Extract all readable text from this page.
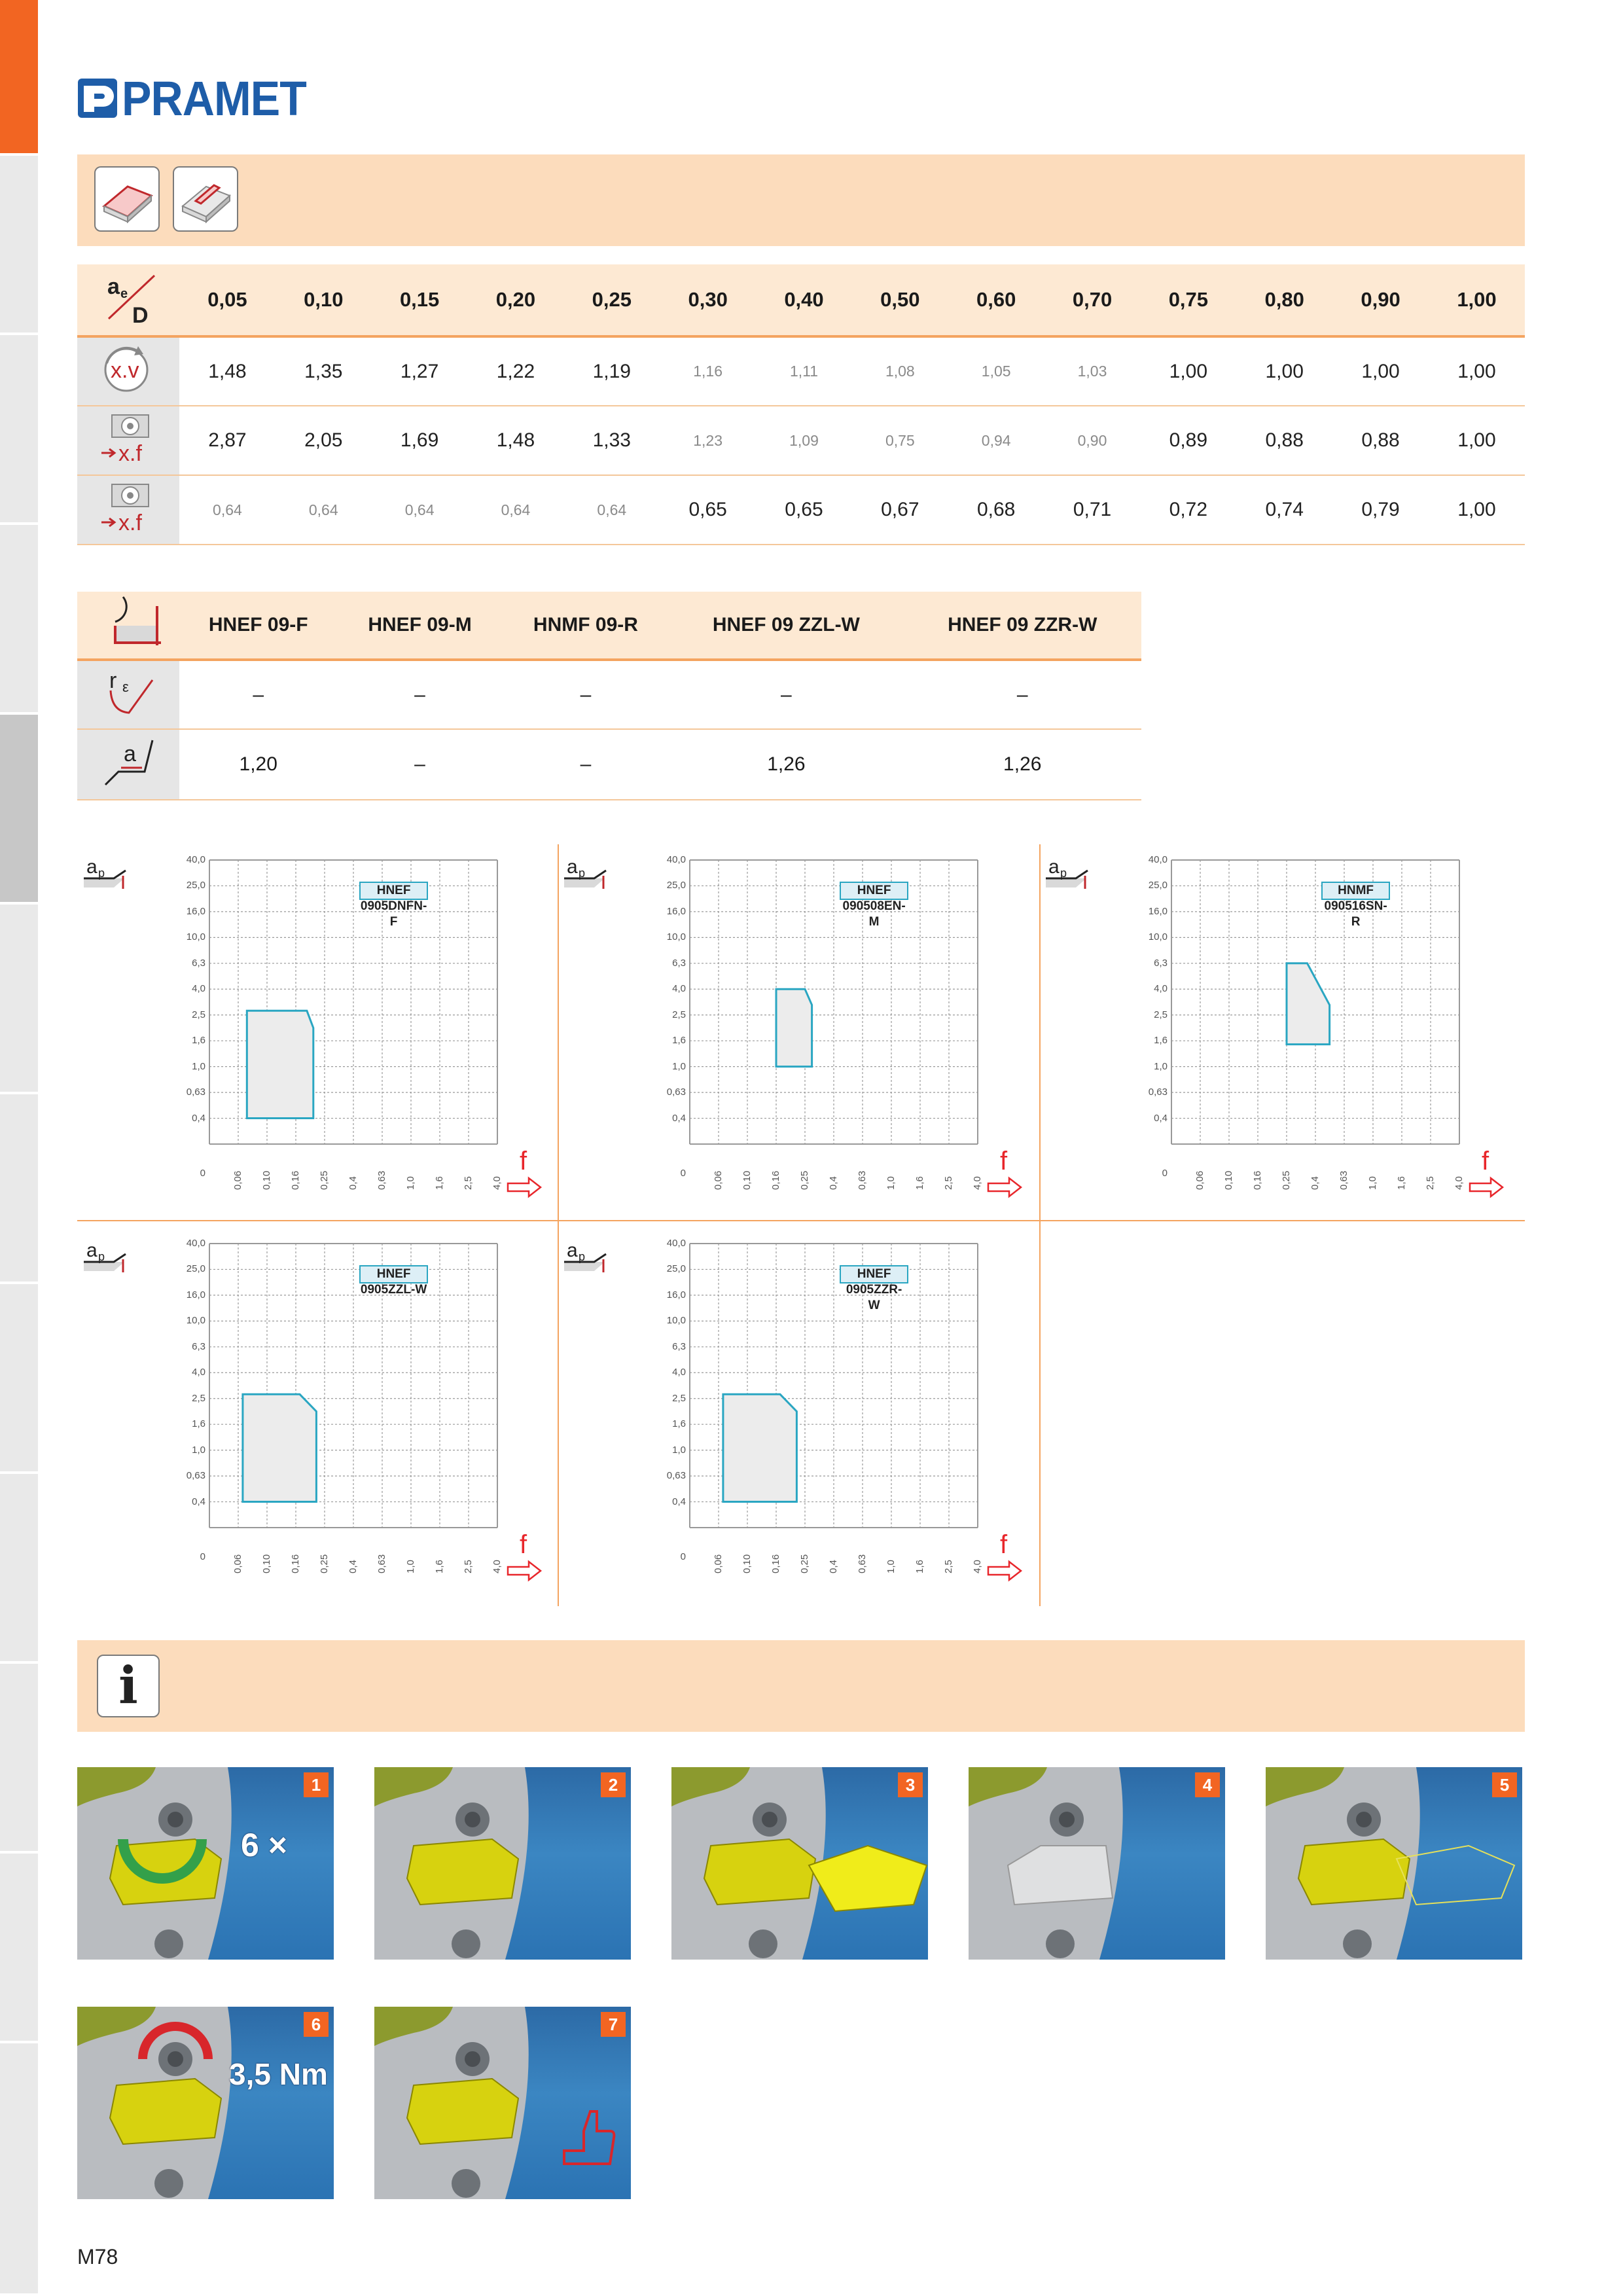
PRAMET
a e
D	0,05	0,10	0,15	0,20	0,25	0,30	0,40	0,50	0,60	0,70	0,75	0,80	0,90	1,00

x.v	1,48	1,35	1,27	1,22	1,19	1,16	1,11	1,08	1,05	1,03	1,00	1,00	1,00	1,00

x.f	2,87	2,05	1,69	1,48	1,33	1,23	1,09	0,75	0,94	0,90	0,89	0,88	0,88	1,00

x.f	0,64	0,64	0,64	0,64	0,64	0,65	0,65	0,67	0,68	0,71	0,72	0,74	0,79	1,00
	HNEF 09-F	HNEF 09-M	HNMF 09-R	HNEF 09 ZZL-W	HNEF 09 ZZR-W

r ε	–	–	–	–	–

a	1,20	–	–	1,26	1,26
a p
40,0
25,0
16,0
10,0
6,3
4,0
2,5
1,6
1,0
0,63
0,4
0	0,06 0,10 0,16 0,25 0,4 0,63 1,0 1,6 2,5 4,0
HNEF 0905DNFN-F
f
a p
40,0
25,0
16,0
10,0
6,3
4,0
2,5
1,6
1,0
0,63
0,4
0	0,06 0,10 0,16 0,25 0,4 0,63 1,0 1,6 2,5 4,0
HNEF 090508EN-M
f
a p
40,0
25,0
16,0
10,0
6,3
4,0
2,5
1,6
1,0
0,63
0,4
0	0,06 0,10 0,16 0,25 0,4 0,63 1,0 1,6 2,5 4,0
HNMF 090516SN-R
f
a p
40,0
25,0
16,0
10,0
6,3
4,0
2,5
1,6
1,0
0,63
0,4
0	0,06 0,10 0,16 0,25 0,4 0,63 1,0 1,6 2,5 4,0
HNEF 0905ZZL-W
f
a p
40,0
25,0
16,0
10,0
6,3
4,0
2,5
1,6
1,0
0,63
0,4
0	0,06 0,10 0,16 0,25 0,4 0,63 1,0 1,6 2,5 4,0
HNEF 0905ZZR-W
f
i
1
6 ×
2	3	4	5
6
3,5 Nm
7
M78
